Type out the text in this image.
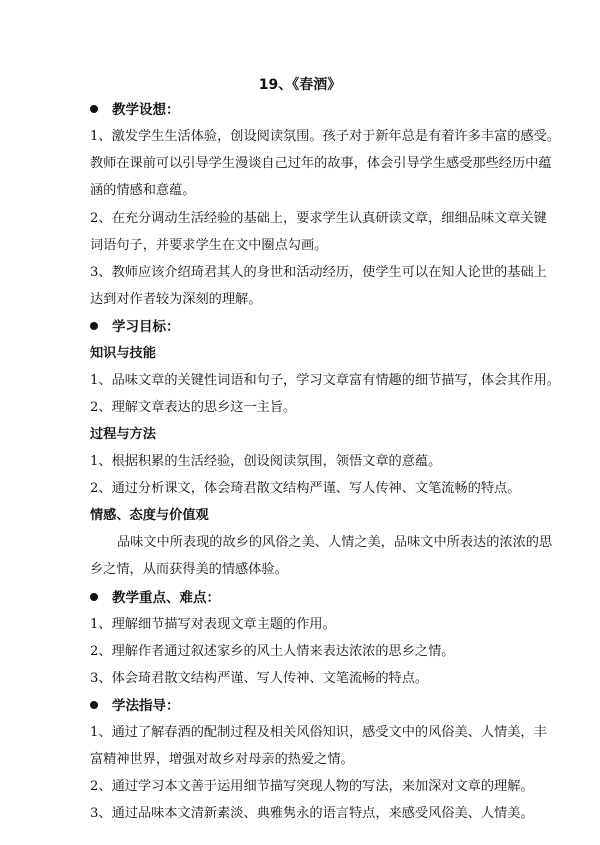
19、《春酒》
教学设想：
1、激发学生生活体验，创设阅读氛围。孩子对于新年总是有着许多丰富的感受。
教师在课前可以引导学生漫谈自己过年的故事，体会引导学生感受那些经历中蕴
涵的情感和意蕴。
2、在充分调动生活经验的基础上，要求学生认真研读文章，细细品味文章关键
词语句子，并要求学生在文中圈点勾画。
3、教师应该介绍琦君其人的身世和活动经历，使学生可以在知人论世的基础上
达到对作者较为深刻的理解。
学习目标：
知识与技能
1、品味文章的关键性词语和句子，学习文章富有情趣的细节描写，体会其作用。
2、理解文章表达的思乡这一主旨。
过程与方法
1、根据积累的生活经验，创设阅读氛围，领悟文章的意蕴。
2、通过分析课文，体会琦君散文结构严谨、写人传神、文笔流畅的特点。
情感、态度与价值观
品味文中所表现的故乡的风俗之美、人情之美，品味文中所表达的浓浓的思
乡之情，从而获得美的情感体验。
教学重点、难点：
1、理解细节描写对表现文章主题的作用。
2、理解作者通过叙述家乡的风土人情来表达浓浓的思乡之情。
3、体会琦君散文结构严谨、写人传神、文笔流畅的特点。
学法指导：
1、通过了解春酒的配制过程及相关风俗知识，感受文中的风俗美、人情美，丰
富精神世界，增强对故乡对母亲的热爱之情。
2、通过学习本文善于运用细节描写突现人物的写法，来加深对文章的理解。
3、通过品味本文清新素淡、典雅隽永的语言特点，来感受风俗美、人情美。
